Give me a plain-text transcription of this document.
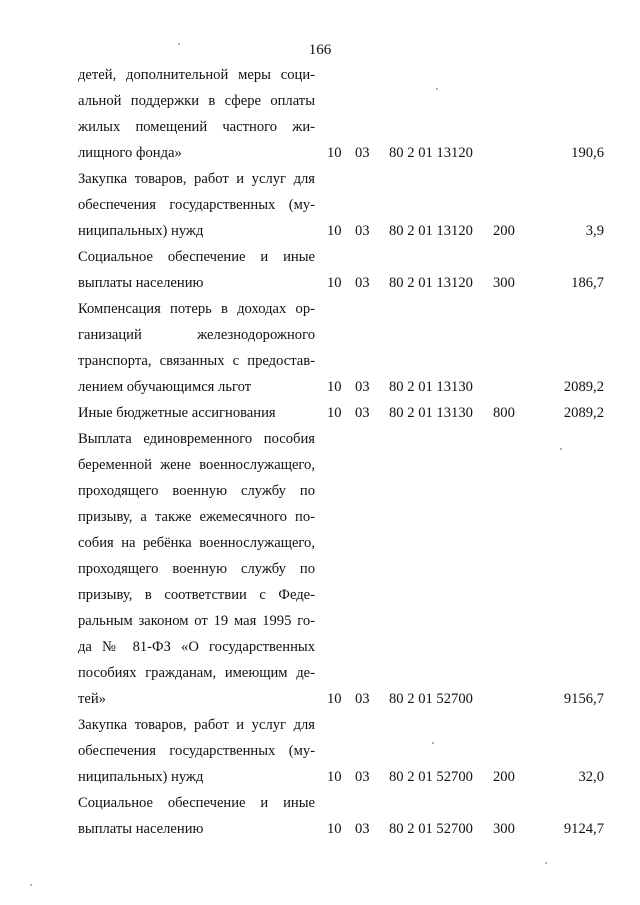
166
детей, дополнительной меры соци-
альной поддержки в сфере оплаты
жилых помещений частного жи-
лищного фонда»	10 03 80 2 01 13120	190,6
Закупка товаров, работ и услуг для
обеспечения государственных (му-
ниципальных) нужд	10 03 80 2 01 13120 200	3,9
Социальное обеспечение и иные
выплаты населению	10 03 80 2 01 13120 300	186,7
Компенсация потерь в доходах ор-
ганизаций железнодорожного
транспорта, связанных с предостав-
лением обучающимся льгот	10 03 80 2 01 13130	2089,2
Иные бюджетные ассигнования	10 03 80 2 01 13130 800	2089,2
Выплата единовременного пособия
беременной жене военнослужащего,
проходящего военную службу по
призыву, а также ежемесячного по-
собия на ребёнка военнослужащего,
проходящего военную службу по
призыву, в соответствии с Феде-
ральным законом от 19 мая 1995 го-
да № 81-ФЗ «О государственных
пособиях гражданам, имеющим де-
тей»	10 03 80 2 01 52700	9156,7
Закупка товаров, работ и услуг для
обеспечения государственных (му-
ниципальных) нужд	10 03 80 2 01 52700 200	32,0
Социальное обеспечение и иные
выплаты населению	10 03 80 2 01 52700 300	9124,7
